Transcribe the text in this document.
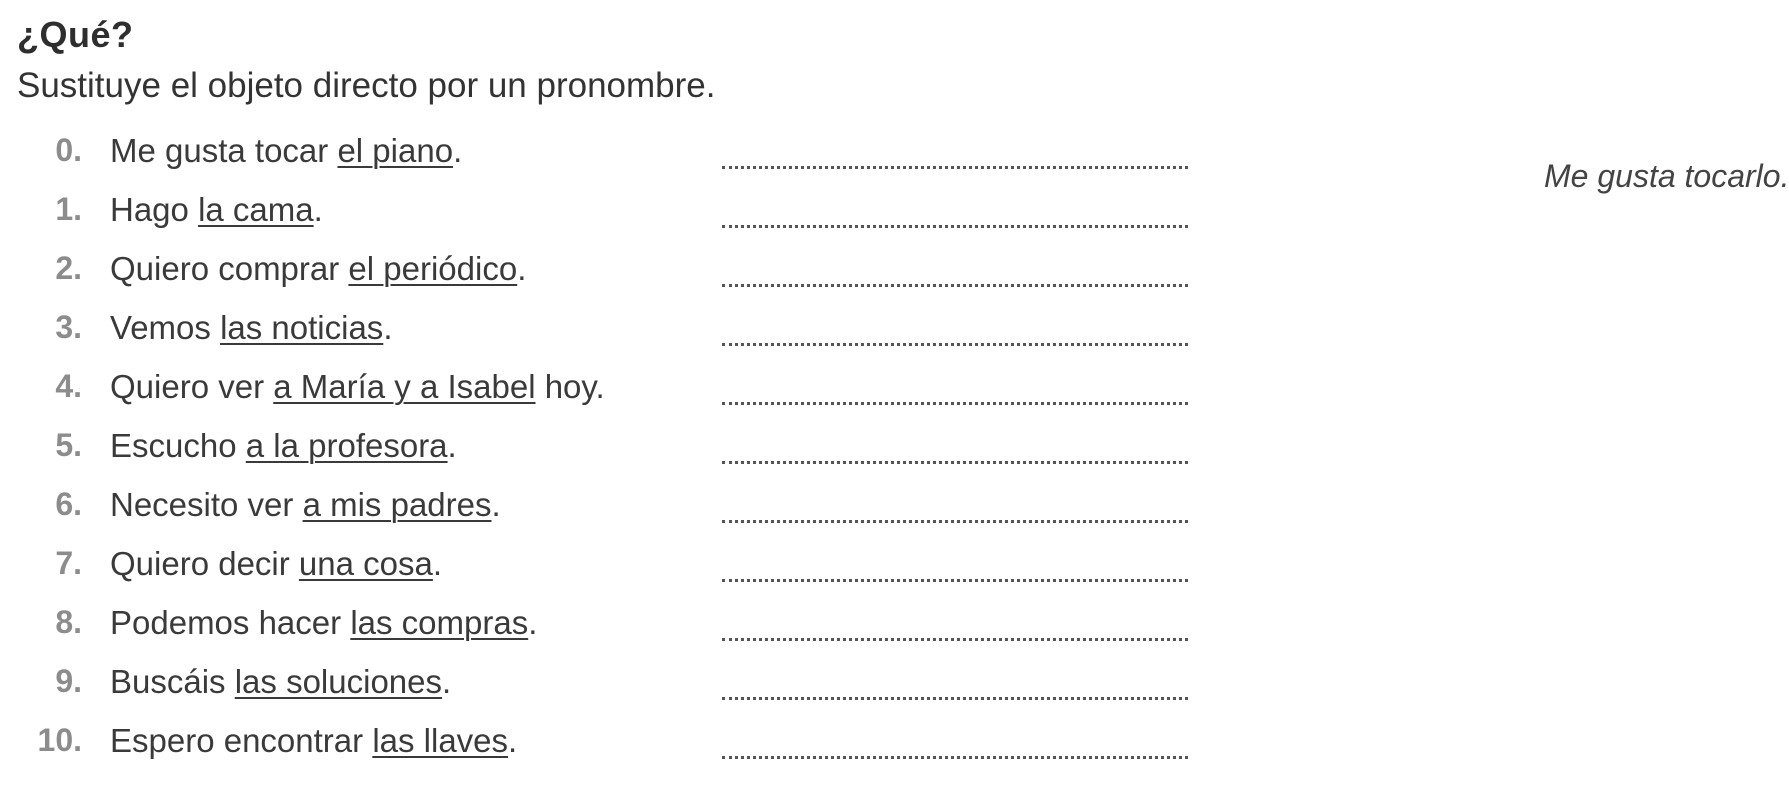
¿Qué?
Sustituye el objeto directo por un pronombre.
0. Me gusta tocar el piano.
Me gusta tocarlo.
1. Hago la cama.
2. Quiero comprar el periódico.
3. Vemos las noticias.
4. Quiero ver a María y a Isabel hoy.
5. Escucho a la profesora.
6. Necesito ver a mis padres.
7. Quiero decir una cosa.
8. Podemos hacer las compras.
9. Buscáis las soluciones.
10. Espero encontrar las llaves.
